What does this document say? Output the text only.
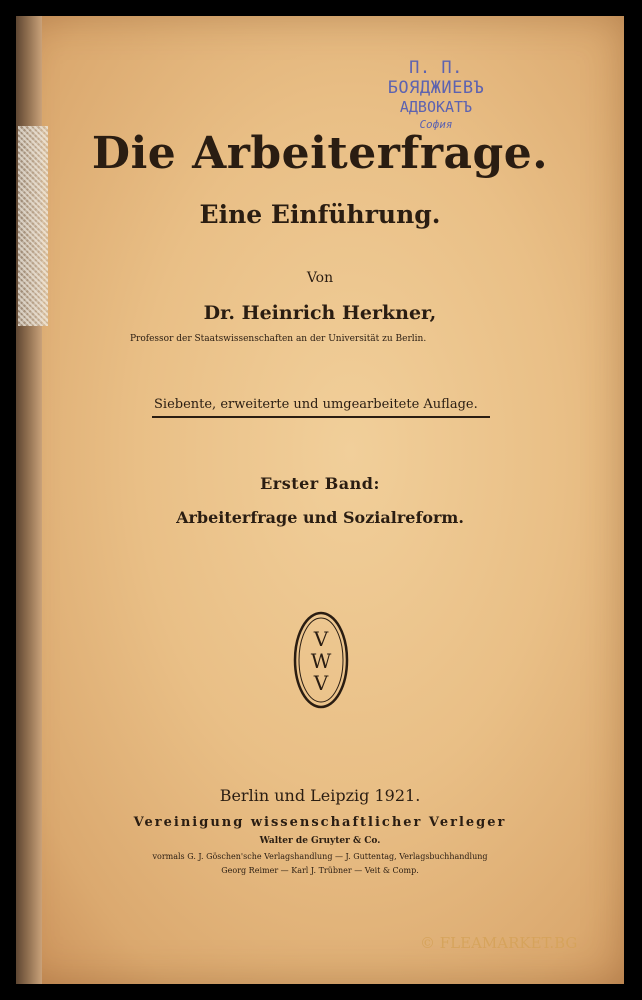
П. П. БОЯДЖИЕВЪ
АДВОКАТЪ
София
Die Arbeiterfrage.
Eine Einführung.
Von
Dr. Heinrich Herkner,
Professor der Staatswissenschaften an der Universität zu Berlin.
Siebente, erweiterte und umgearbeitete Auflage.
Erster Band:
Arbeiterfrage und Sozialreform.
V
W
V
Berlin und Leipzig 1921.
Vereinigung wissenschaftlicher Verleger
Walter de Gruyter & Co.
vormals G. J. Göschen'sche Verlagshandlung — J. Guttentag, Verlagsbuchhandlung
Georg Reimer — Karl J. Trübner — Veit & Comp.
© FLEAMARKET.BG
